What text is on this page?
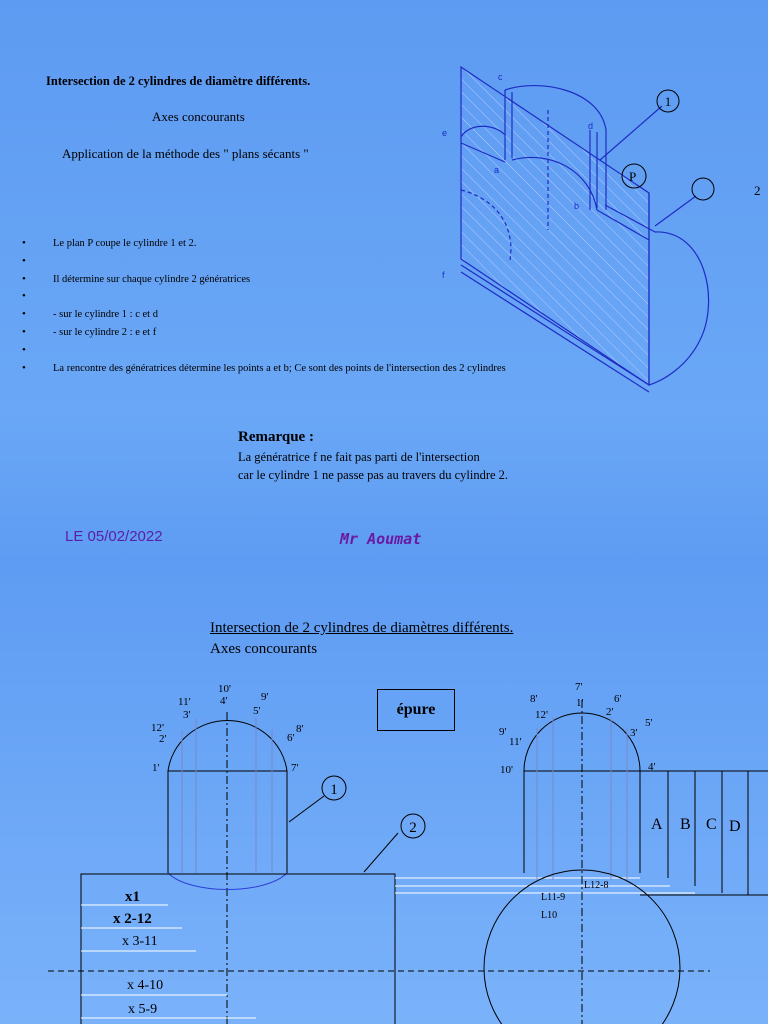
Intersection de 2 cylindres de diamètre différents.
Axes concourants
Application de la méthode des " plans sécants "
• Le plan P coupe le cylindre 1 et 2.
•
• Il détermine sur chaque cylindre 2 génératrices
•
• - sur le cylindre 1 : c et d
• - sur le cylindre 2 : e et f
•
• La rencontre des génératrices détermine les points a et b; Ce sont des points de l'intersection des 2 cylindres
Remarque :
La génératrice f ne fait pas parti de l'intersection
car le cylindre 1 ne passe pas au travers du cylindre 2.
LE 05/02/2022	Mr Aoumat
1
2
P
c
d
e
a
b
f
Intersection de 2 cylindres de diamètres différents.
Axes concourants
épure
1
2
10'
4'
11'
3'
9'
5'
12'
2'	6'
8'
1'	7'
7'
1'
8'	6'
12'	2'
9'
11'
5'
3'
10'	4'
A B C D
L11-9
L10
L12-8
x1
x 2-12
x 3-11
x 4-10
x 5-9
